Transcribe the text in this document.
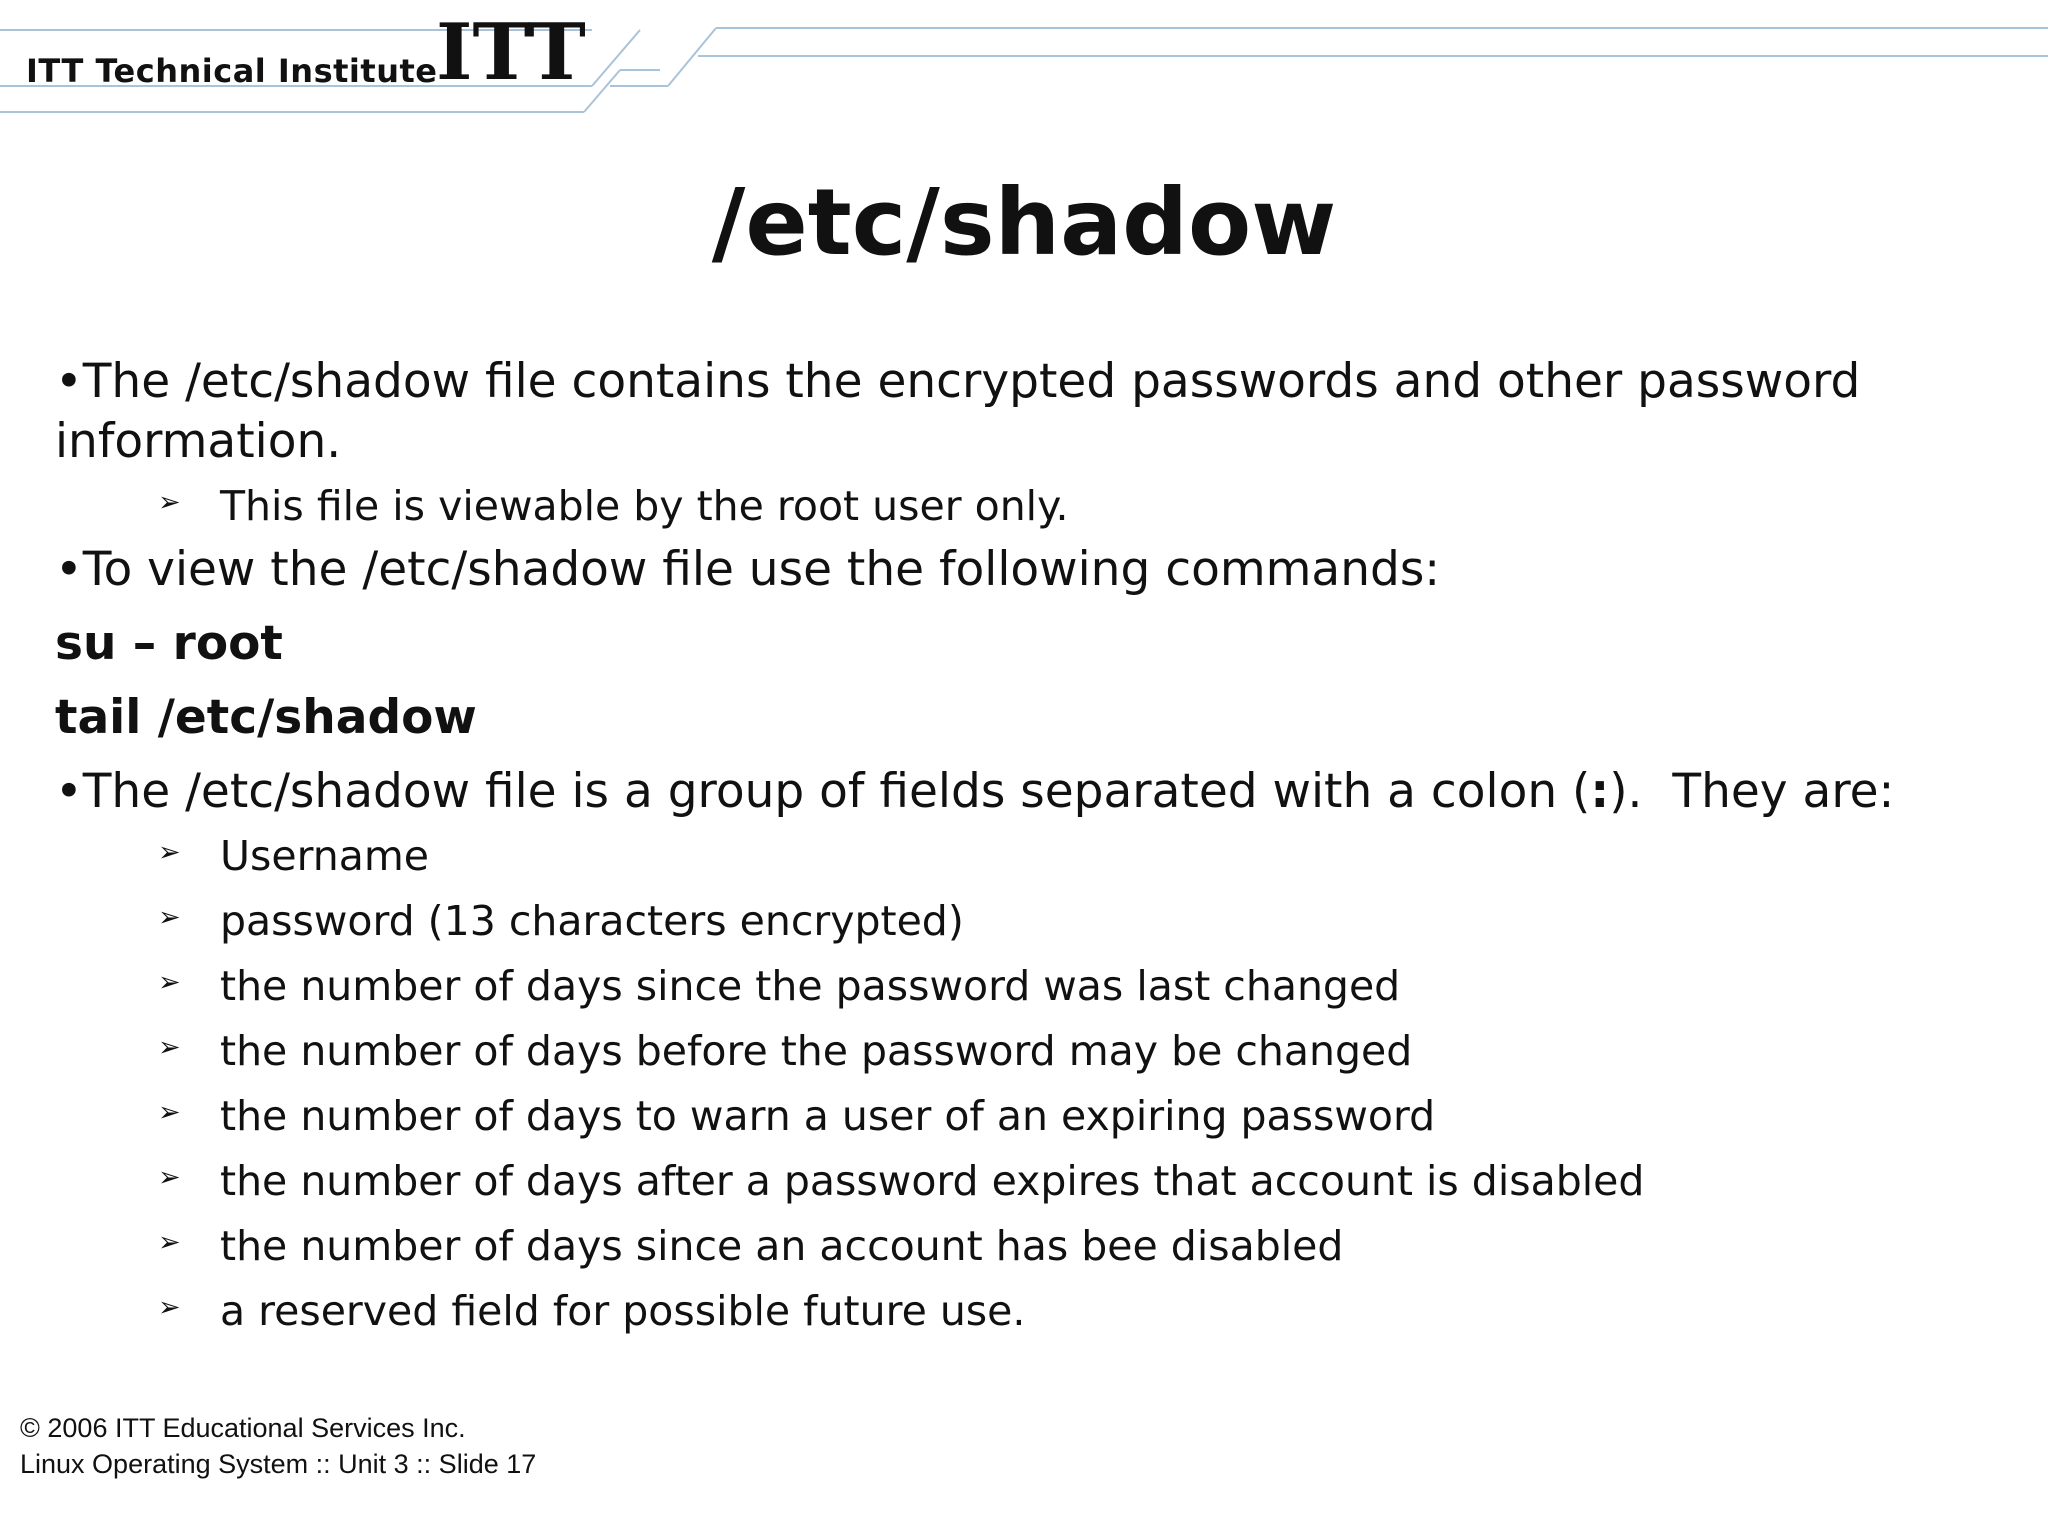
ITT Technical Institute
ITT
/etc/shadow

•The /etc/shadow file contains the encrypted passwords and other password information.

➢ This file is viewable by the root user only.

•To view the /etc/shadow file use the following commands:

su – root

tail /etc/shadow

•The /etc/shadow file is a group of fields separated with a colon (:). They are:

➢ Username

➢ password (13 characters encrypted)

➢ the number of days since the password was last changed

➢ the number of days before the password may be changed

➢ the number of days to warn a user of an expiring password

➢ the number of days after a password expires that account is disabled

➢ the number of days since an account has bee disabled

➢ a reserved field for possible future use.

© 2006 ITT Educational Services Inc.
Linux Operating System :: Unit 3 :: Slide 17
